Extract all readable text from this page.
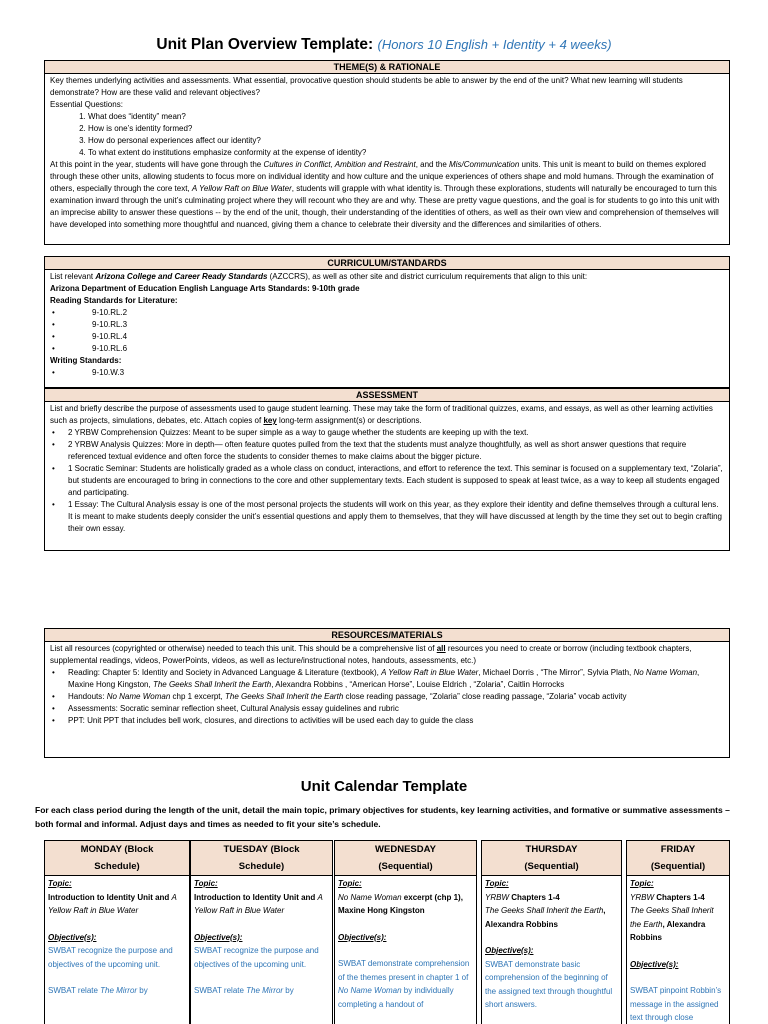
Unit Plan Overview Template: (Honors 10 English + Identity + 4 weeks)
THEME(S) & RATIONALE
Key themes underlying activities and assessments. What essential, provocative question should students be able to answer by the end of the unit? What new learning will students demonstrate? How are these valid and relevant objectives?
Essential Questions:
1. What does “identity” mean?
2. How is one’s identity formed?
3. How do personal experiences affect our identity?
4. To what extent do institutions emphasize conformity at the expense of identity?
At this point in the year, students will have gone through the Cultures in Conflict, Ambition and Restraint, and the Mis/Communication units. This unit is meant to build on themes explored through these other units, allowing students to focus more on individual identity and how culture and the unique experiences of others shape and mold humans. Through the examination of others, especially through the core text, A Yellow Raft on Blue Water, students will grapple with what identity is. Through these explorations, students will naturally be encouraged to turn this examination inward through the unit’s culminating project where they will recount who they are and why. These are pretty vague questions, and the goal is for students to go into this unit with an imprecise ability to answer these questions -- by the end of the unit, though, their understanding of the identities of others, as well as their own view and comprehension of themselves will have developed into something more thoughtful and nuanced, giving them a chance to celebrate their diversity and the differences and similarities of others.
CURRICULUM/STANDARDS
List relevant Arizona College and Career Ready Standards (AZCCRS), as well as other site and district curriculum requirements that align to this unit:
Arizona Department of Education English Language Arts Standards: 9-10th grade
Reading Standards for Literature:
• 9-10.RL.2
• 9-10.RL.3
• 9-10.RL.4
• 9-10.RL.6
Writing Standards:
• 9-10.W.3
ASSESSMENT
List and briefly describe the purpose of assessments used to gauge student learning. These may take the form of traditional quizzes, exams, and essays, as well as other learning activities such as projects, simulations, debates, etc. Attach copies of key long-term assignment(s) or descriptions.
• 2 YRBW Comprehension Quizzes: Meant to be super simple as a way to gauge whether the students are keeping up with the text.
• 2 YRBW Analysis Quizzes: More in depth— often feature quotes pulled from the text that the students must analyze thoughtfully, as well as short answer questions that require referenced textual evidence and often force the students to consider themes to make claims about the bigger picture.
• 1 Socratic Seminar: Students are holistically graded as a whole class on conduct, interactions, and effort to reference the text. This seminar is focused on a supplementary text, “Zolaria”, but students are encouraged to bring in connections to the core and other supplementary texts. Each student is supposed to speak at least twice, as a way to keep all students engaged and participating.
• 1 Essay: The Cultural Analysis essay is one of the most personal projects the students will work on this year, as they explore their identity and define themselves through a cultural lens. It is meant to make students deeply consider the unit’s essential questions and apply them to themselves, that they will have discussed at length by the time they set out to begin crafting their own essay.
RESOURCES/MATERIALS
List all resources (copyrighted or otherwise) needed to teach this unit. This should be a comprehensive list of all resources you need to create or borrow (including textbook chapters, supplemental readings, videos, PowerPoints, videos, as well as lecture/instructional notes, handouts, assessments, etc.)
• Reading: Chapter 5: Identity and Society in Advanced Language & Literature (textbook), A Yellow Raft in Blue Water, Michael Dorris , “The Mirror”, Sylvia Plath, No Name Woman, Maxine Hong Kingston, The Geeks Shall Inherit the Earth, Alexandra Robbins , “American Horse”, Louise Eldrich , “Zolaria”, Caitlin Horrocks
• Handouts: No Name Woman chp 1 excerpt, The Geeks Shall Inherit the Earth close reading passage, “Zolaria” close reading passage, “Zolaria” vocab activity
• Assessments: Socratic seminar reflection sheet, Cultural Analysis essay guidelines and rubric
• PPT: Unit PPT that includes bell work, closures, and directions to activities will be used each day to guide the class
Unit Calendar Template
For each class period during the length of the unit, detail the main topic, primary objectives for students, key learning activities, and formative or summative assessments – both formal and informal. Adjust days and times as needed to fit your site’s schedule.
MONDAY (Block
Schedule)
Topic:
Introduction to Identity Unit and A Yellow Raft in Blue Water
Objective(s):
SWBAT recognize the purpose and objectives of the upcoming unit.
SWBAT relate The Mirror by
TUESDAY (Block
Schedule)
Topic:
Introduction to Identity Unit and A Yellow Raft in Blue Water
Objective(s):
SWBAT recognize the purpose and objectives of the upcoming unit.
SWBAT relate The Mirror by
WEDNESDAY
(Sequential)
Topic:
No Name Woman excerpt (chp 1), Maxine Hong Kingston
Objective(s):
SWBAT demonstrate comprehension of the themes present in chapter 1 of No Name Woman by individually completing a handout of
THURSDAY
(Sequential)
Topic:
YRBW Chapters 1-4
The Geeks Shall Inherit the Earth, Alexandra Robbins
Objective(s):
SWBAT demonstrate basic comprehension of the beginning of the assigned text through thoughtful short answers.
FRIDAY
(Sequential)
Topic:
YRBW Chapters 1-4
The Geeks Shall Inherit the Earth, Alexandra Robbins
Objective(s):
SWBAT pinpoint Robbin’s message in the assigned text through close
